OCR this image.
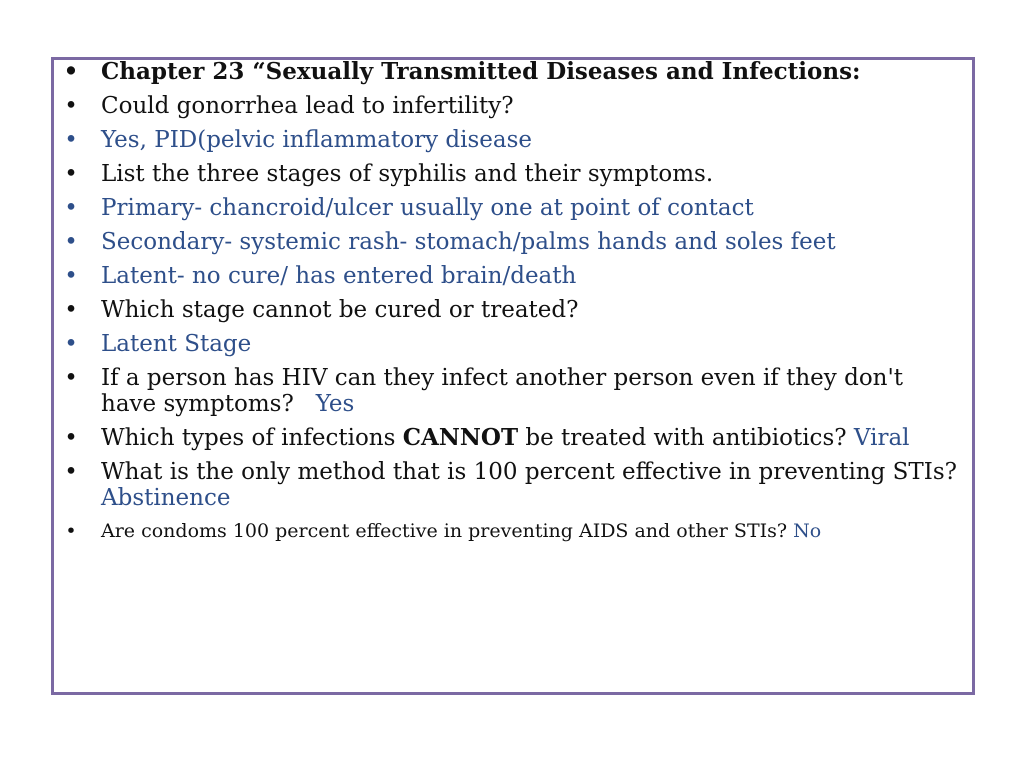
• Chapter 23 “Sexually Transmitted Diseases and Infections:
• Could gonorrhea lead to infertility?
• Yes, PID(pelvic inflammatory disease
• List the three stages of syphilis and their symptoms.
• Primary- chancroid/ulcer usually one at point of contact
• Secondary- systemic rash- stomach/palms hands and soles feet
• Latent- no cure/ has entered brain/death
• Which stage cannot be cured or treated?
• Latent Stage
• If a person has HIV can they infect another person even if they don't have symptoms? Yes
• Which types of infections CANNOT be treated with antibiotics? Viral
• What is the only method that is 100 percent effective in preventing STIs? Abstinence
• Are condoms 100 percent effective in preventing AIDS and other STIs? No
